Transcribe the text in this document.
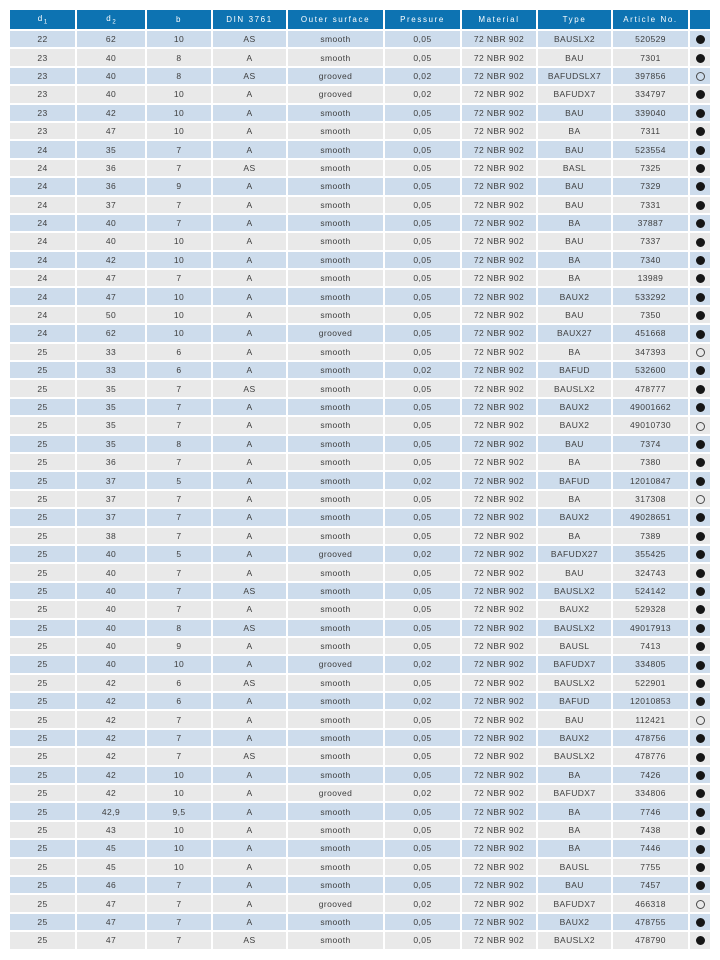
$d_1$	$d_2$	b	DIN 3761	Outer surface	Pressure	Material	Type	Article No.	
22	62	10	AS	smooth	0,05	72 NBR 902	BAUSLX2	520529	
23	40	8	A	smooth	0,05	72 NBR 902	BAU	7301	
23	40	8	AS	grooved	0,02	72 NBR 902	BAFUDSLX7	397856	
23	40	10	A	grooved	0,02	72 NBR 902	BAFUDX7	334797	
23	42	10	A	smooth	0,05	72 NBR 902	BAU	339040	
23	47	10	A	smooth	0,05	72 NBR 902	BA	7311	
24	35	7	A	smooth	0,05	72 NBR 902	BAU	523554	
24	36	7	AS	smooth	0,05	72 NBR 902	BASL	7325	
24	36	9	A	smooth	0,05	72 NBR 902	BAU	7329	
24	37	7	A	smooth	0,05	72 NBR 902	BAU	7331	
24	40	7	A	smooth	0,05	72 NBR 902	BA	37887	
24	40	10	A	smooth	0,05	72 NBR 902	BAU	7337	
24	42	10	A	smooth	0,05	72 NBR 902	BA	7340	
24	47	7	A	smooth	0,05	72 NBR 902	BA	13989	
24	47	10	A	smooth	0,05	72 NBR 902	BAUX2	533292	
24	50	10	A	smooth	0,05	72 NBR 902	BAU	7350	
24	62	10	A	grooved	0,05	72 NBR 902	BAUX27	451668	
25	33	6	A	smooth	0,05	72 NBR 902	BA	347393	
25	33	6	A	smooth	0,02	72 NBR 902	BAFUD	532600	
25	35	7	AS	smooth	0,05	72 NBR 902	BAUSLX2	478777	
25	35	7	A	smooth	0,05	72 NBR 902	BAUX2	49001662	
25	35	7	A	smooth	0,05	72 NBR 902	BAUX2	49010730	
25	35	8	A	smooth	0,05	72 NBR 902	BAU	7374	
25	36	7	A	smooth	0,05	72 NBR 902	BA	7380	
25	37	5	A	smooth	0,02	72 NBR 902	BAFUD	12010847	
25	37	7	A	smooth	0,05	72 NBR 902	BA	317308	
25	37	7	A	smooth	0,05	72 NBR 902	BAUX2	49028651	
25	38	7	A	smooth	0,05	72 NBR 902	BA	7389	
25	40	5	A	grooved	0,02	72 NBR 902	BAFUDX27	355425	
25	40	7	A	smooth	0,05	72 NBR 902	BAU	324743	
25	40	7	AS	smooth	0,05	72 NBR 902	BAUSLX2	524142	
25	40	7	A	smooth	0,05	72 NBR 902	BAUX2	529328	
25	40	8	AS	smooth	0,05	72 NBR 902	BAUSLX2	49017913	
25	40	9	A	smooth	0,05	72 NBR 902	BAUSL	7413	
25	40	10	A	grooved	0,02	72 NBR 902	BAFUDX7	334805	
25	42	6	AS	smooth	0,05	72 NBR 902	BAUSLX2	522901	
25	42	6	A	smooth	0,02	72 NBR 902	BAFUD	12010853	
25	42	7	A	smooth	0,05	72 NBR 902	BAU	112421	
25	42	7	A	smooth	0,05	72 NBR 902	BAUX2	478756	
25	42	7	AS	smooth	0,05	72 NBR 902	BAUSLX2	478776	
25	42	10	A	smooth	0,05	72 NBR 902	BA	7426	
25	42	10	A	grooved	0,02	72 NBR 902	BAFUDX7	334806	
25	42,9	9,5	A	smooth	0,05	72 NBR 902	BA	7746	
25	43	10	A	smooth	0,05	72 NBR 902	BA	7438	
25	45	10	A	smooth	0,05	72 NBR 902	BA	7446	
25	45	10	A	smooth	0,05	72 NBR 902	BAUSL	7755	
25	46	7	A	smooth	0,05	72 NBR 902	BAU	7457	
25	47	7	A	grooved	0,02	72 NBR 902	BAFUDX7	466318	
25	47	7	A	smooth	0,05	72 NBR 902	BAUX2	478755	
25	47	7	AS	smooth	0,05	72 NBR 902	BAUSLX2	478790	
